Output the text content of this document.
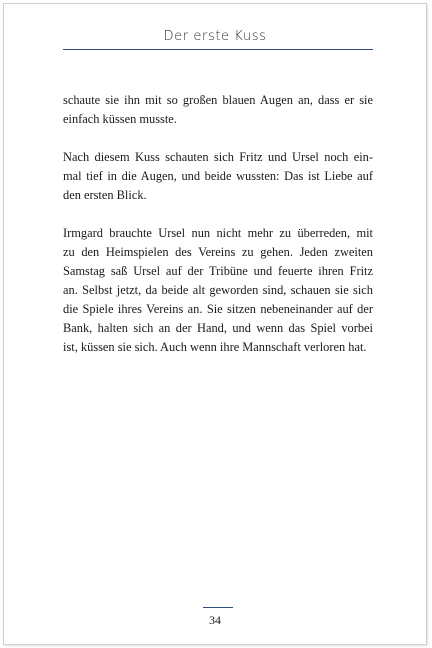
Der erste Kuss

schaute sie ihn mit so großen blauen Augen an, dass er sie
einfach küssen musste.

Nach diesem Kuss schauten sich Fritz und Ursel noch ein-
mal tief in die Augen, und beide wussten: Das ist Liebe auf
den ersten Blick.

Irmgard brauchte Ursel nun nicht mehr zu überreden, mit
zu den Heimspielen des Vereins zu gehen. Jeden zweiten
Samstag saß Ursel auf der Tribüne und feuerte ihren Fritz
an. Selbst jetzt, da beide alt geworden sind, schauen sie sich
die Spiele ihres Vereins an. Sie sitzen nebeneinander auf der
Bank, halten sich an der Hand, und wenn das Spiel vorbei
ist, küssen sie sich. Auch wenn ihre Mannschaft verloren hat.

34
